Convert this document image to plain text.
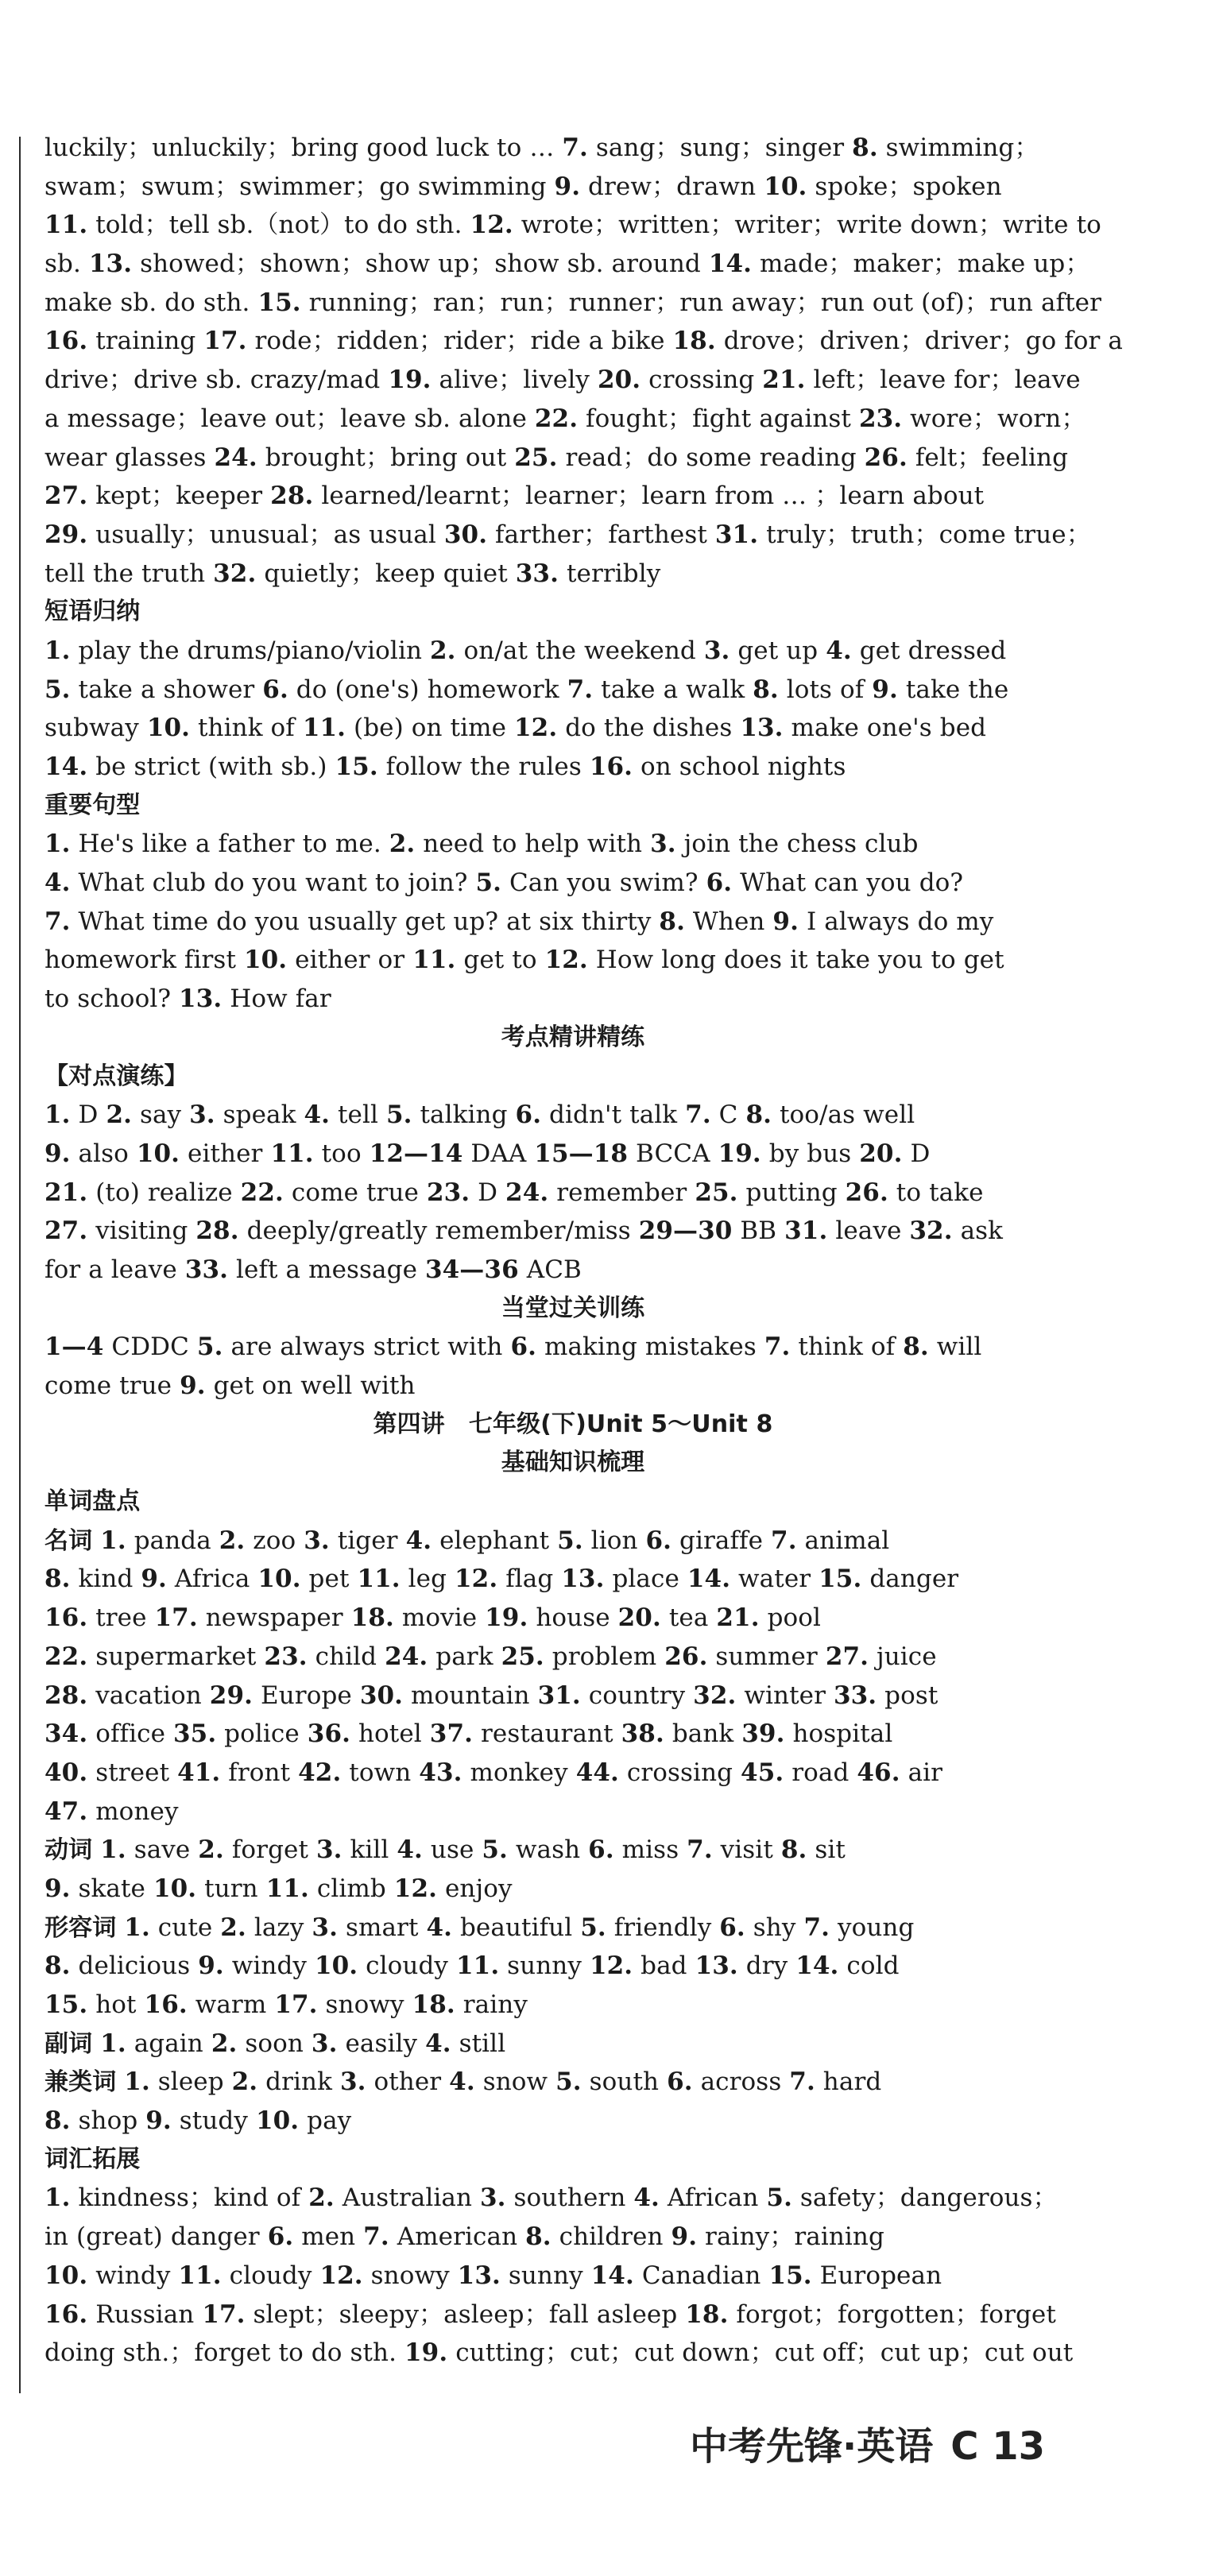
luckily；unluckily；bring good luck to … 7. sang；sung；singer 8. swimming；
swam；swum；swimmer；go swimming 9. drew；drawn 10. spoke；spoken
11. told；tell sb.（not）to do sth. 12. wrote；written；writer；write down；write to
sb. 13. showed；shown；show up；show sb. around 14. made；maker；make up；
make sb. do sth. 15. running；ran；run；runner；run away；run out (of)；run after
16. training 17. rode；ridden；rider；ride a bike 18. drove；driven；driver；go for a
drive；drive sb. crazy/mad 19. alive；lively 20. crossing 21. left；leave for；leave
a message；leave out；leave sb. alone 22. fought；fight against 23. wore；worn；
wear glasses 24. brought；bring out 25. read；do some reading 26. felt；feeling
27. kept；keeper 28. learned/learnt；learner；learn from … ；learn about
29. usually；unusual；as usual 30. farther；farthest 31. truly；truth；come true；
tell the truth 32. quietly；keep quiet 33. terribly
短语归纳
1. play the drums/piano/violin 2. on/at the weekend 3. get up 4. get dressed
5. take a shower 6. do (one's) homework 7. take a walk 8. lots of 9. take the
subway 10. think of 11. (be) on time 12. do the dishes 13. make one's bed
14. be strict (with sb.) 15. follow the rules 16. on school nights
重要句型
1. He's like a father to me. 2. need to help with 3. join the chess club
4. What club do you want to join? 5. Can you swim? 6. What can you do?
7. What time do you usually get up? at six thirty 8. When 9. I always do my
homework first 10. either or 11. get to 12. How long does it take you to get
to school? 13. How far
考点精讲精练
【对点演练】
1. D 2. say 3. speak 4. tell 5. talking 6. didn't talk 7. C 8. too/as well
9. also 10. either 11. too 12—14 DAA 15—18 BCCA 19. by bus 20. D
21. (to) realize 22. come true 23. D 24. remember 25. putting 26. to take
27. visiting 28. deeply/greatly remember/miss 29—30 BB 31. leave 32. ask
for a leave 33. left a message 34—36 ACB
当堂过关训练
1—4 CDDC 5. are always strict with 6. making mistakes 7. think of 8. will
come true 9. get on well with
第四讲　七年级(下)Unit 5～Unit 8
基础知识梳理
单词盘点
名词 1. panda 2. zoo 3. tiger 4. elephant 5. lion 6. giraffe 7. animal
8. kind 9. Africa 10. pet 11. leg 12. flag 13. place 14. water 15. danger
16. tree 17. newspaper 18. movie 19. house 20. tea 21. pool
22. supermarket 23. child 24. park 25. problem 26. summer 27. juice
28. vacation 29. Europe 30. mountain 31. country 32. winter 33. post
34. office 35. police 36. hotel 37. restaurant 38. bank 39. hospital
40. street 41. front 42. town 43. monkey 44. crossing 45. road 46. air
47. money
动词 1. save 2. forget 3. kill 4. use 5. wash 6. miss 7. visit 8. sit
9. skate 10. turn 11. climb 12. enjoy
形容词 1. cute 2. lazy 3. smart 4. beautiful 5. friendly 6. shy 7. young
8. delicious 9. windy 10. cloudy 11. sunny 12. bad 13. dry 14. cold
15. hot 16. warm 17. snowy 18. rainy
副词 1. again 2. soon 3. easily 4. still
兼类词 1. sleep 2. drink 3. other 4. snow 5. south 6. across 7. hard
8. shop 9. study 10. pay
词汇拓展
1. kindness；kind of 2. Australian 3. southern 4. African 5. safety；dangerous；
in (great) danger 6. men 7. American 8. children 9. rainy；raining
10. windy 11. cloudy 12. snowy 13. sunny 14. Canadian 15. European
16. Russian 17. slept；sleepy；asleep；fall asleep 18. forgot；forgotten；forget
doing sth.；forget to do sth. 19. cutting；cut；cut down；cut off；cut up；cut out
中考先锋·英语 C 13
